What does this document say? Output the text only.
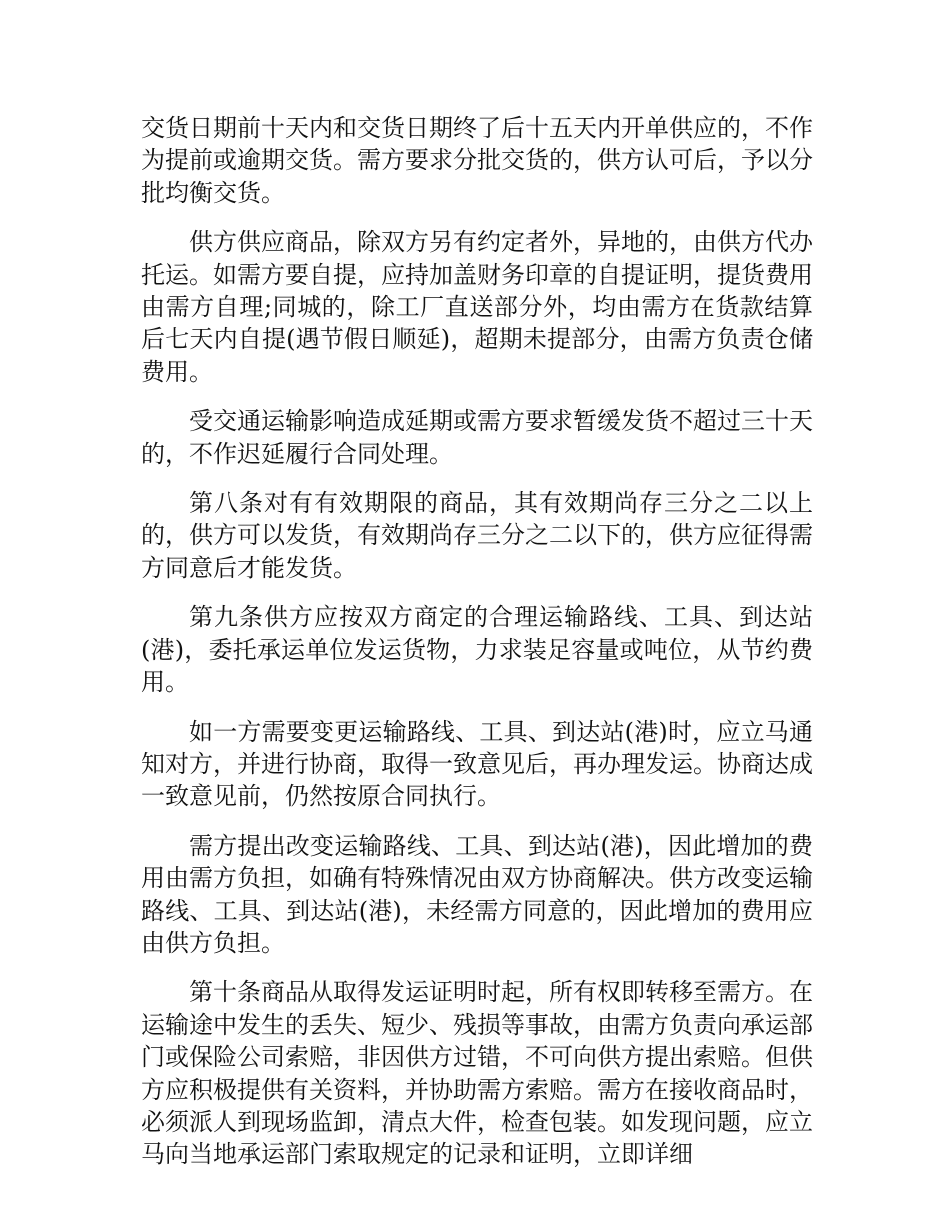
交货日期前十天内和交货日期终了后十五天内开单供应的，不作为提前或逾期交货。需方要求分批交货的，供方认可后，予以分批均衡交货。

供方供应商品，除双方另有约定者外，异地的，由供方代办托运。如需方要自提，应持加盖财务印章的自提证明，提货费用由需方自理;同城的，除工厂直送部分外，均由需方在货款结算后七天内自提(遇节假日顺延)，超期未提部分，由需方负责仓储费用。

受交通运输影响造成延期或需方要求暂缓发货不超过三十天的，不作迟延履行合同处理。

第八条对有有效期限的商品，其有效期尚存三分之二以上的，供方可以发货，有效期尚存三分之二以下的，供方应征得需方同意后才能发货。

第九条供方应按双方商定的合理运输路线、工具、到达站(港)，委托承运单位发运货物，力求装足容量或吨位，从节约费用。

如一方需要变更运输路线、工具、到达站(港)时，应立马通知对方，并进行协商，取得一致意见后，再办理发运。协商达成一致意见前，仍然按原合同执行。

需方提出改变运输路线、工具、到达站(港)，因此增加的费用由需方负担，如确有特殊情况由双方协商解决。供方改变运输路线、工具、到达站(港)，未经需方同意的，因此增加的费用应由供方负担。

第十条商品从取得发运证明时起，所有权即转移至需方。在运输途中发生的丢失、短少、残损等事故，由需方负责向承运部门或保险公司索赔，非因供方过错，不可向供方提出索赔。但供方应积极提供有关资料，并协助需方索赔。需方在接收商品时，必须派人到现场监卸，清点大件，检查包装。如发现问题，应立马向当地承运部门索取规定的记录和证明，立即详细
